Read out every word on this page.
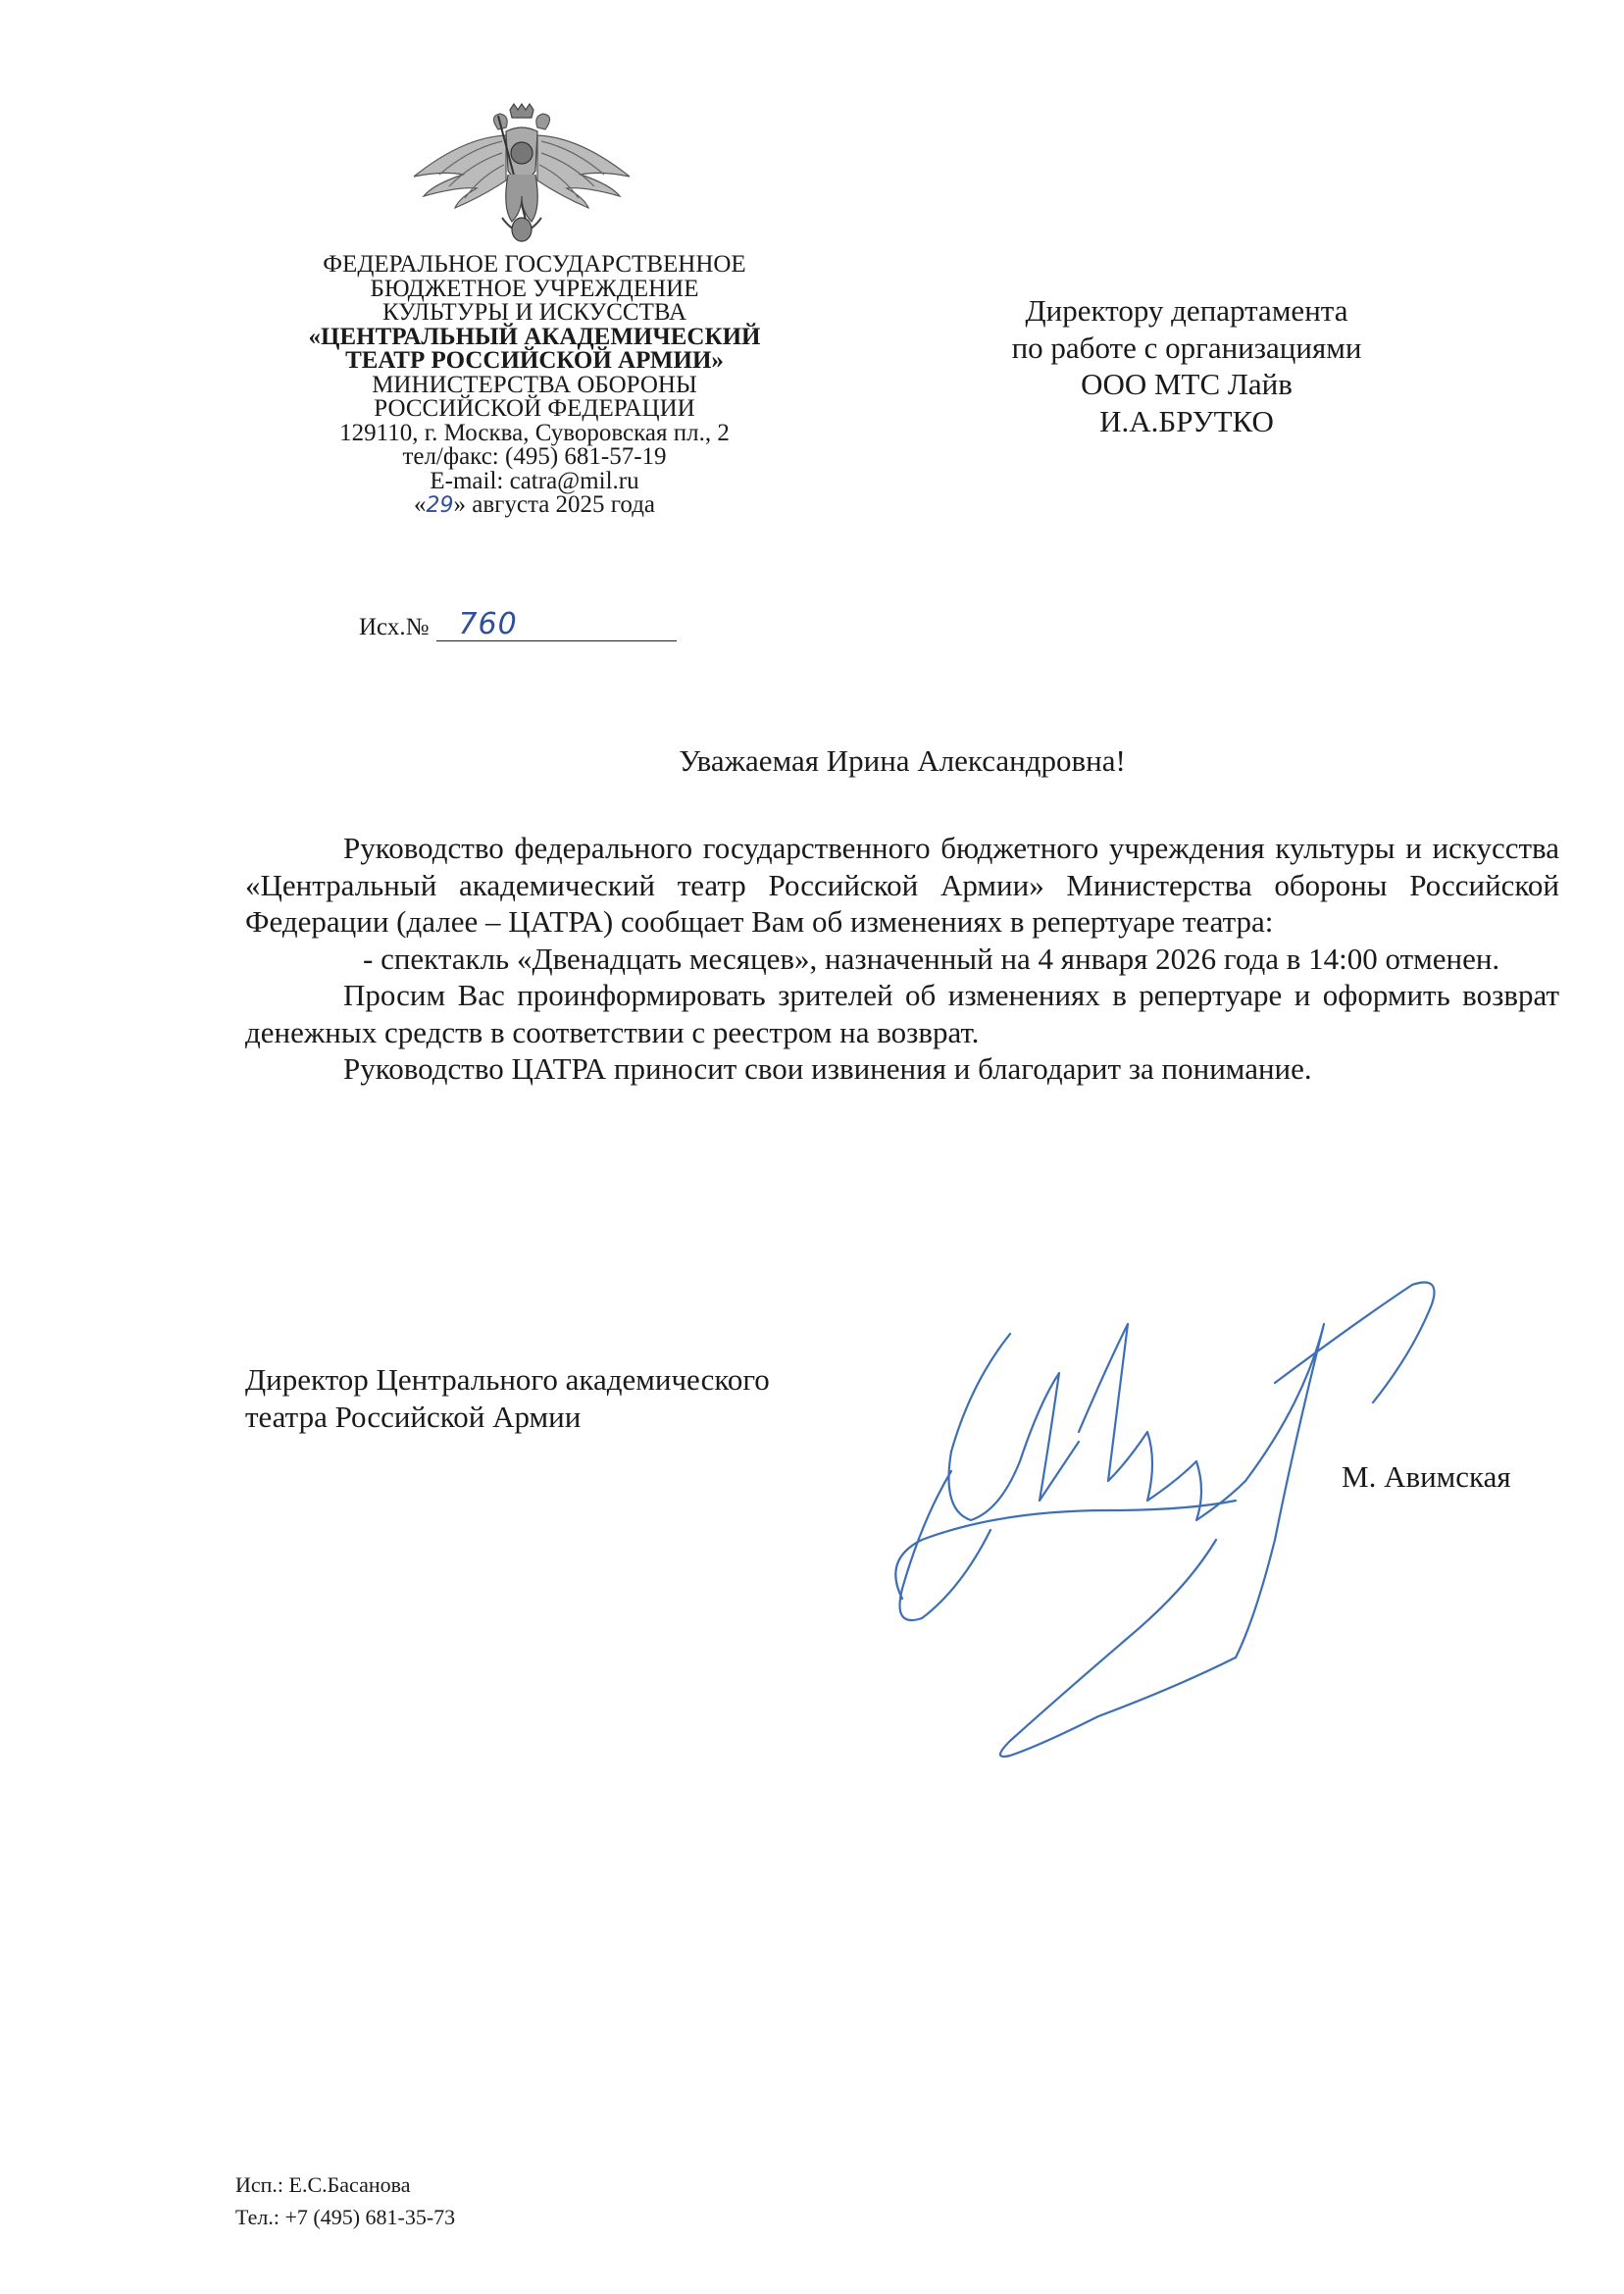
ФЕДЕРАЛЬНОЕ ГОСУДАРСТВЕННОЕ
БЮДЖЕТНОЕ УЧРЕЖДЕНИЕ
КУЛЬТУРЫ И ИСКУССТВА
«ЦЕНТРАЛЬНЫЙ АКАДЕМИЧЕСКИЙ
ТЕАТР РОССИЙСКОЙ АРМИИ»
МИНИСТЕРСТВА ОБОРОНЫ
РОССИЙСКОЙ ФЕДЕРАЦИИ
129110, г. Москва, Суворовская пл., 2
тел/факс: (495) 681-57-19
E-mail: catra@mil.ru
«29» августа 2025 года
Исх.№ 760
Директору департамента
по работе с организациями
ООО МТС Лайв
И.А.БРУТКО
Уважаемая Ирина Александровна!

Руководство федерального государственного бюджетного учреждения культуры и искусства «Центральный академический театр Российской Армии» Министерства обороны Российской Федерации (далее – ЦАТРА) сообщает Вам об изменениях в репертуаре театра:

- спектакль «Двенадцать месяцев», назначенный на 4 января 2026 года в 14:00 отменен.

Просим Вас проинформировать зрителей об изменениях в репертуаре и оформить возврат денежных средств в соответствии с реестром на возврат.

Руководство ЦАТРА приносит свои извинения и благодарит за понимание.

Директор Центрального академического
театра Российской Армии
М. Авимская
Исп.: Е.С.Басанова
Тел.: +7 (495) 681-35-73
